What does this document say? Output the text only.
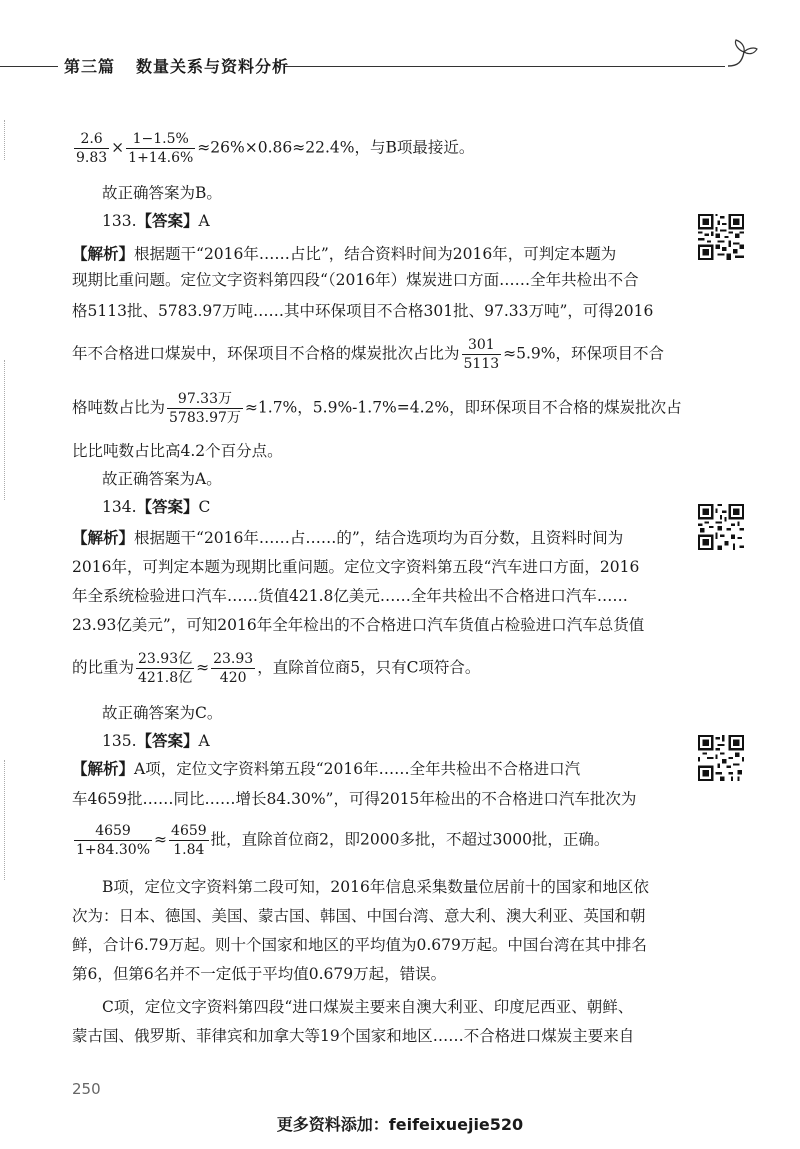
第三篇 数量关系与资料分析
$\frac{2.6}{9.83} \times \frac{1-1.5\%}{1+14.6\%} \approx 26\%\times 0.86\approx 22.4\%$，与B项最接近。
故正确答案为B。
133.【答案】A
【解析】根据题干“2016年……占比”，结合资料时间为2016年，可判定本题为
现期比重问题。定位文字资料第四段“（2016年）煤炭进口方面……全年共检出不合
格5113批、5783.97万吨……其中环保项目不合格301批、97.33万吨”，可得2016
年不合格进口煤炭中，环保项目不合格的煤炭批次占比为 $\frac{301}{5113} \approx 5.9\%$，环保项目不合
格吨数占比为 $\frac{\text{97.33万}}{\text{5783.97万}} \approx 1.7\%$，5.9%-1.7%=4.2%，即环保项目不合格的煤炭批次占
比比吨数占比高4.2个百分点。
故正确答案为A。
134.【答案】C
【解析】根据题干“2016年……占……的”，结合选项均为百分数，且资料时间为
2016年，可判定本题为现期比重问题。定位文字资料第五段“汽车进口方面，2016
年全系统检验进口汽车……货值421.8亿美元……全年共检出不合格进口汽车……
23.93亿美元”，可知2016年全年检出的不合格进口汽车货值占检验进口汽车总货值
的比重为 $\frac{\text{23.93亿}}{\text{421.8亿}} \approx \frac{23.93}{420}$ ，直除首位商5，只有C项符合。
故正确答案为C。
135.【答案】A
【解析】A项，定位文字资料第五段“2016年……全年共检出不合格进口汽
车4659批……同比……增长84.30%”，可得2015年检出的不合格进口汽车批次为
$\frac{4659}{1+84.30\%} \approx \frac{4659}{1.84}$ 批，直除首位商2，即2000多批，不超过3000批，正确。
B项，定位文字资料第二段可知，2016年信息采集数量位居前十的国家和地区依
次为：日本、德国、美国、蒙古国、韩国、中国台湾、意大利、澳大利亚、英国和朝
鲜，合计6.79万起。则十个国家和地区的平均值为0.679万起。中国台湾在其中排名
第6，但第6名并不一定低于平均值0.679万起，错误。
C项，定位文字资料第四段“进口煤炭主要来自澳大利亚、印度尼西亚、朝鲜、
蒙古国、俄罗斯、菲律宾和加拿大等19个国家和地区……不合格进口煤炭主要来自
250
更多资料添加：feifeixuejie520
